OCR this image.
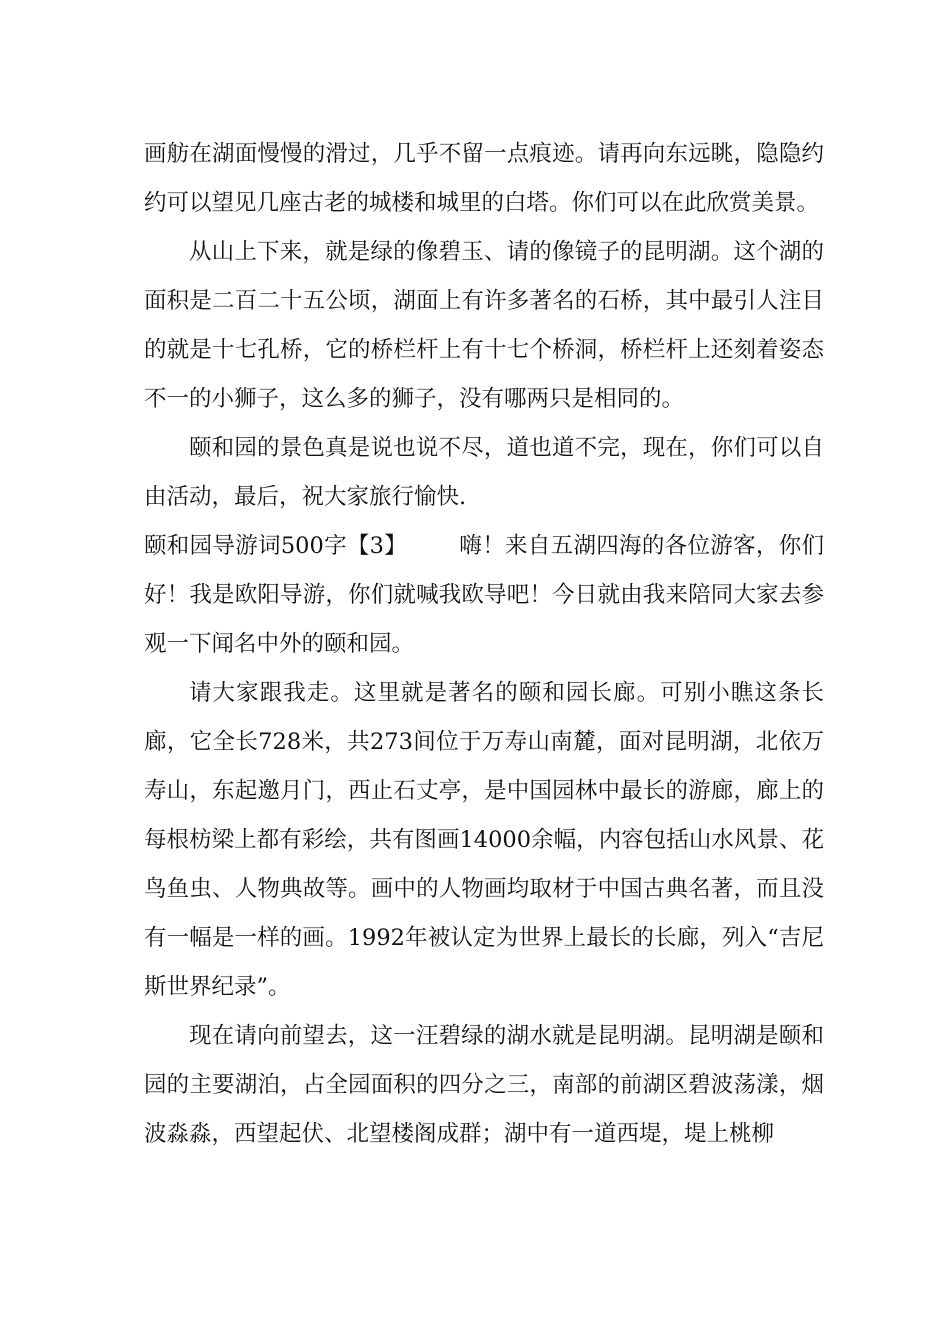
画舫在湖面慢慢的滑过，几乎不留一点痕迹。请再向东远眺，隐隐约约可以望见几座古老的城楼和城里的白塔。你们可以在此欣赏美景。

从山上下来，就是绿的像碧玉、请的像镜子的昆明湖。这个湖的面积是二百二十五公顷，湖面上有许多著名的石桥，其中最引人注目的就是十七孔桥，它的桥栏杆上有十七个桥洞，桥栏杆上还刻着姿态不一的小狮子，这么多的狮子，没有哪两只是相同的。

颐和园的景色真是说也说不尽，道也道不完，现在，你们可以自由活动，最后，祝大家旅行愉快.

颐和园导游词500字【3】 嗨！来自五湖四海的各位游客，你们好！我是欧阳导游，你们就喊我欧导吧！今日就由我来陪同大家去参观一下闻名中外的颐和园。

请大家跟我走。这里就是著名的颐和园长廊。可别小瞧这条长廊，它全长728米，共273间位于万寿山南麓，面对昆明湖，北依万寿山，东起邀月门，西止石丈亭，是中国园林中最长的游廊，廊上的每根枋梁上都有彩绘，共有图画14000余幅，内容包括山水风景、花鸟鱼虫、人物典故等。画中的人物画均取材于中国古典名著，而且没有一幅是一样的画。1992年被认定为世界上最长的长廊，列入“吉尼斯世界纪录”。

现在请向前望去，这一汪碧绿的湖水就是昆明湖。昆明湖是颐和园的主要湖泊，占全园面积的四分之三，南部的前湖区碧波荡漾，烟波淼淼，西望起伏、北望楼阁成群；湖中有一道西堤，堤上桃柳
